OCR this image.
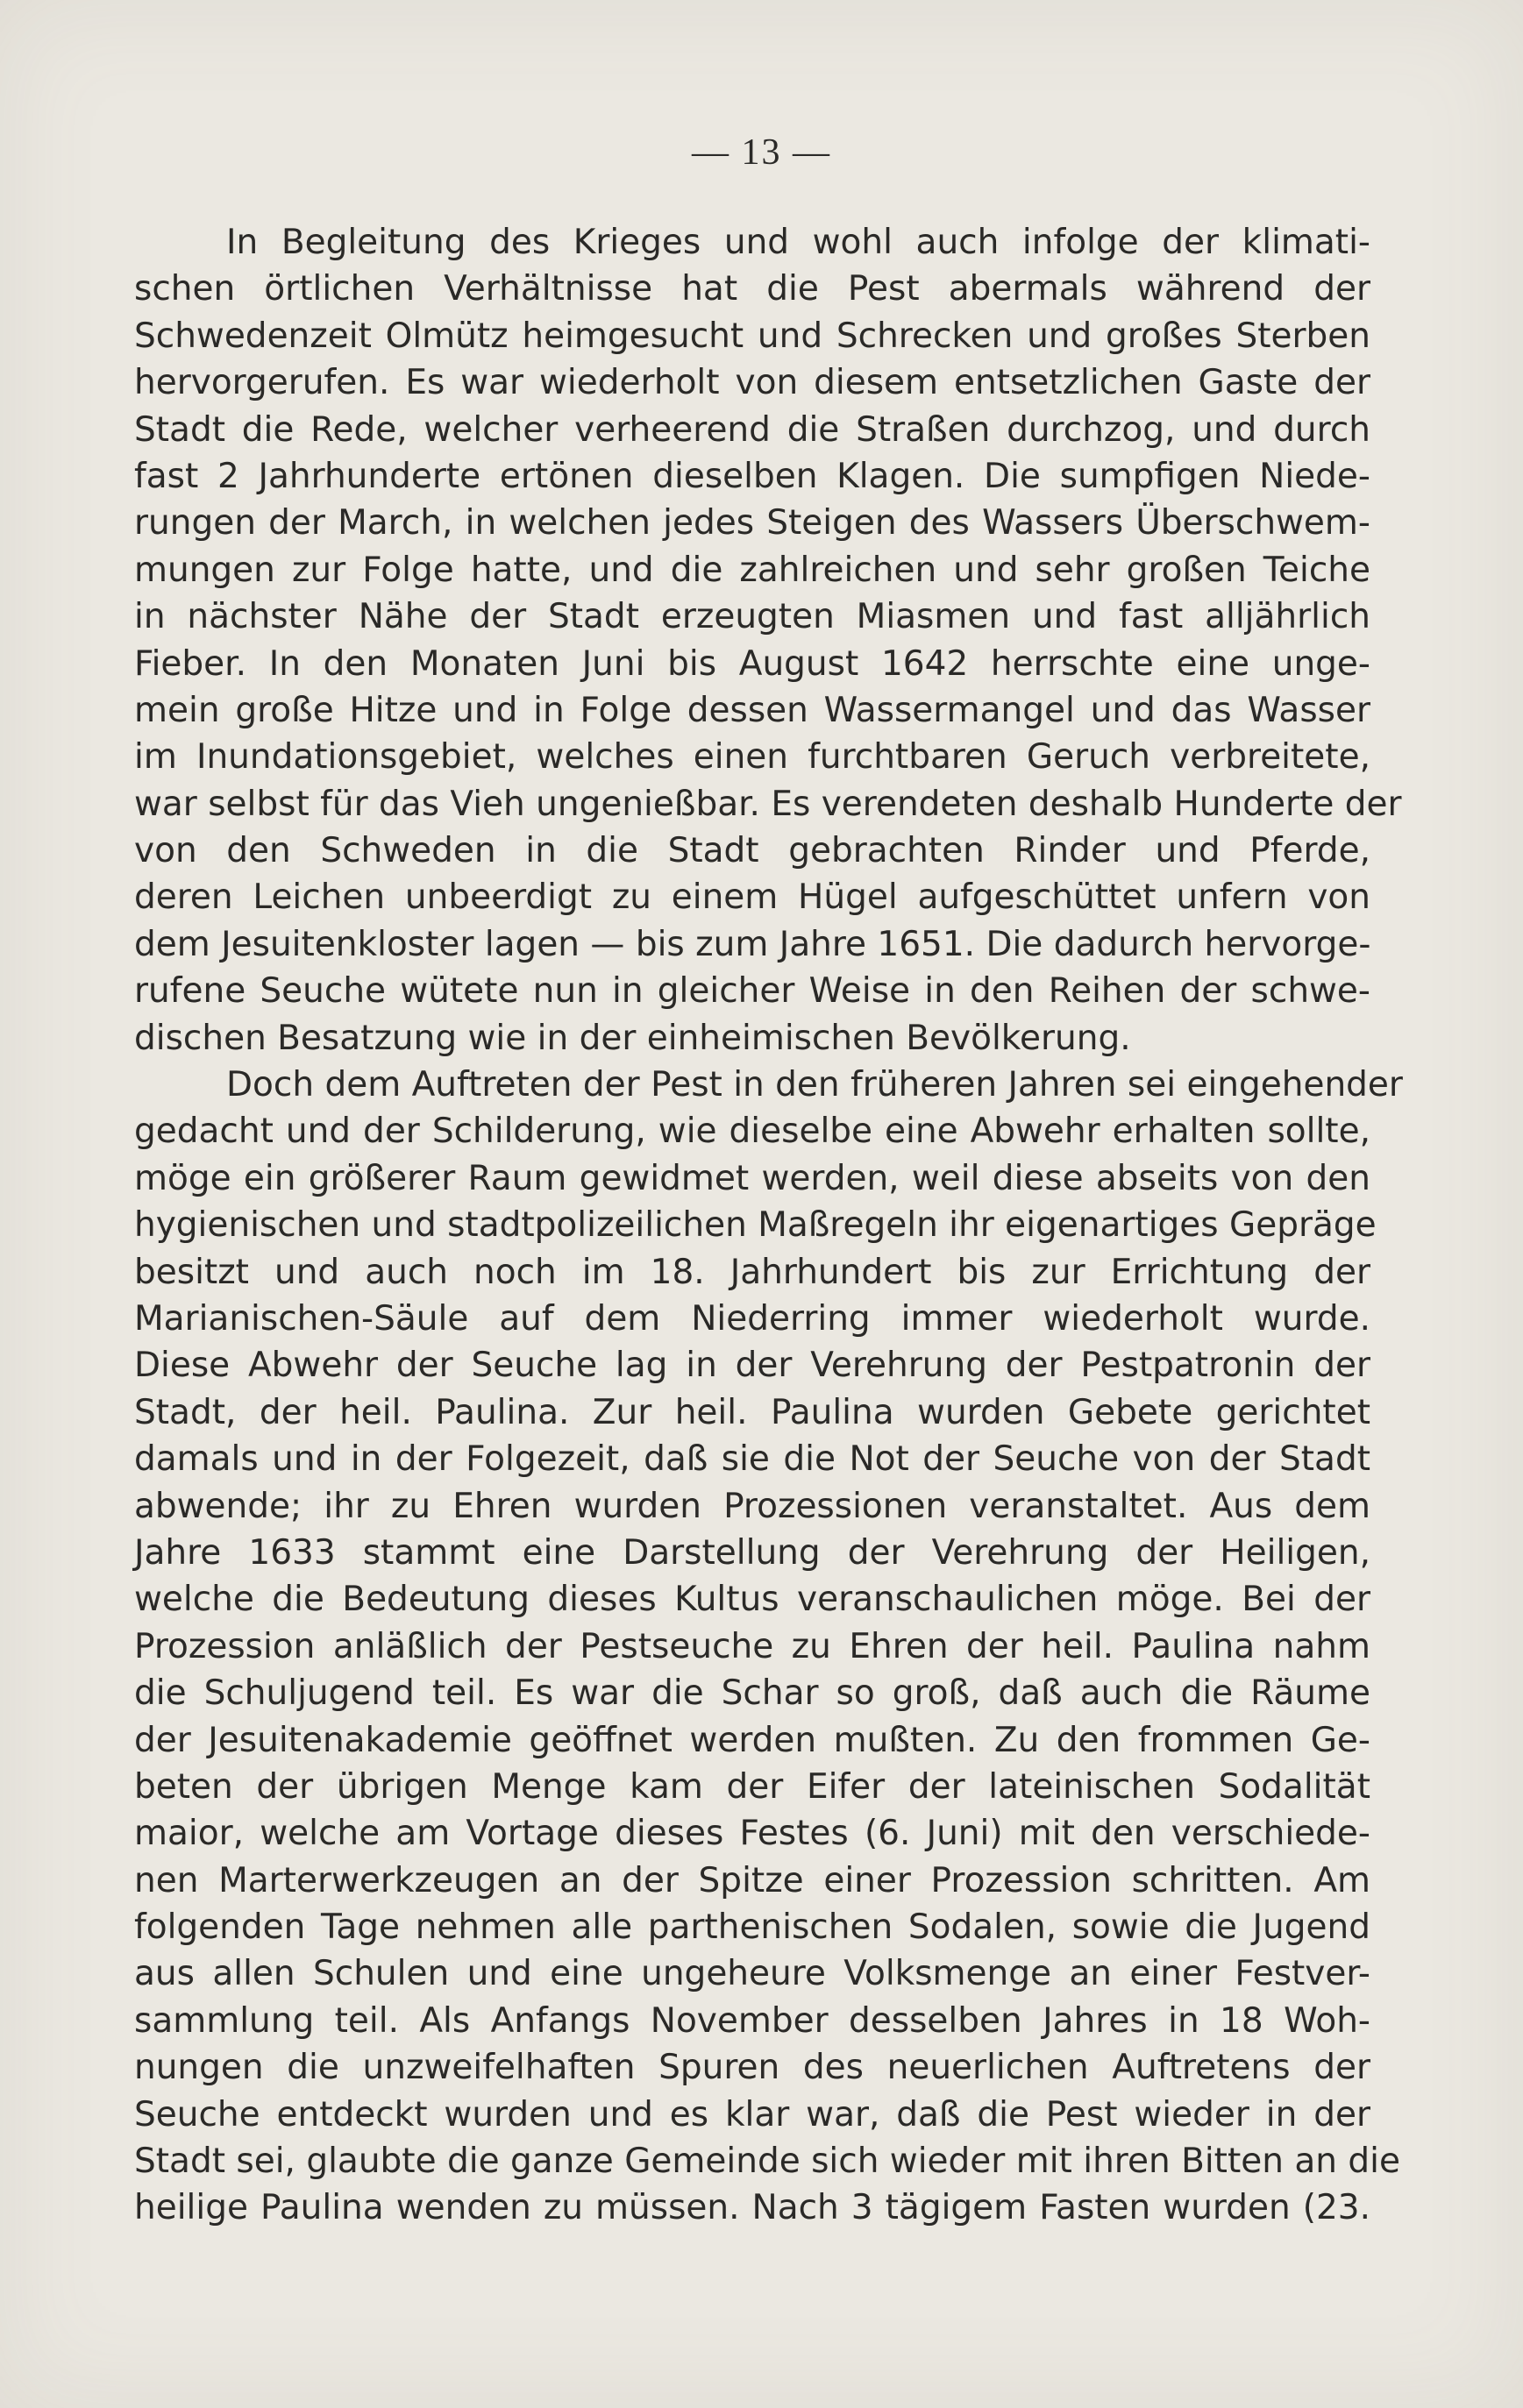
— 13 —
In Begleitung des Krieges und wohl auch infolge der klimati-
schen örtlichen Verhältnisse hat die Pest abermals während der
Schwedenzeit Olmütz heimgesucht und Schrecken und großes Sterben
hervorgerufen. Es war wiederholt von diesem entsetzlichen Gaste der
Stadt die Rede, welcher verheerend die Straßen durchzog, und durch
fast 2 Jahrhunderte ertönen dieselben Klagen. Die sumpfigen Niede-
rungen der March, in welchen jedes Steigen des Wassers Überschwem-
mungen zur Folge hatte, und die zahlreichen und sehr großen Teiche
in nächster Nähe der Stadt erzeugten Miasmen und fast alljährlich
Fieber. In den Monaten Juni bis August 1642 herrschte eine unge-
mein große Hitze und in Folge dessen Wassermangel und das Wasser
im Inundationsgebiet, welches einen furchtbaren Geruch verbreitete,
war selbst für das Vieh ungenießbar. Es verendeten deshalb Hunderte der
von den Schweden in die Stadt gebrachten Rinder und Pferde,
deren Leichen unbeerdigt zu einem Hügel aufgeschüttet unfern von
dem Jesuitenkloster lagen — bis zum Jahre 1651. Die dadurch hervorge-
rufene Seuche wütete nun in gleicher Weise in den Reihen der schwe-
dischen Besatzung wie in der einheimischen Bevölkerung.
Doch dem Auftreten der Pest in den früheren Jahren sei eingehender
gedacht und der Schilderung, wie dieselbe eine Abwehr erhalten sollte,
möge ein größerer Raum gewidmet werden, weil diese abseits von den
hygienischen und stadtpolizeilichen Maßregeln ihr eigenartiges Gepräge
besitzt und auch noch im 18. Jahrhundert bis zur Errichtung der
Marianischen-Säule auf dem Niederring immer wiederholt wurde.
Diese Abwehr der Seuche lag in der Verehrung der Pestpatronin der
Stadt, der heil. Paulina. Zur heil. Paulina wurden Gebete gerichtet
damals und in der Folgezeit, daß sie die Not der Seuche von der Stadt
abwende; ihr zu Ehren wurden Prozessionen veranstaltet. Aus dem
Jahre 1633 stammt eine Darstellung der Verehrung der Heiligen,
welche die Bedeutung dieses Kultus veranschaulichen möge. Bei der
Prozession anläßlich der Pestseuche zu Ehren der heil. Paulina nahm
die Schuljugend teil. Es war die Schar so groß, daß auch die Räume
der Jesuitenakademie geöffnet werden mußten. Zu den frommen Ge-
beten der übrigen Menge kam der Eifer der lateinischen Sodalität
maior, welche am Vortage dieses Festes (6. Juni) mit den verschiede-
nen Marterwerkzeugen an der Spitze einer Prozession schritten. Am
folgenden Tage nehmen alle parthenischen Sodalen, sowie die Jugend
aus allen Schulen und eine ungeheure Volksmenge an einer Festver-
sammlung teil. Als Anfangs November desselben Jahres in 18 Woh-
nungen die unzweifelhaften Spuren des neuerlichen Auftretens der
Seuche entdeckt wurden und es klar war, daß die Pest wieder in der
Stadt sei, glaubte die ganze Gemeinde sich wieder mit ihren Bitten an die
heilige Paulina wenden zu müssen. Nach 3 tägigem Fasten wurden (23.
